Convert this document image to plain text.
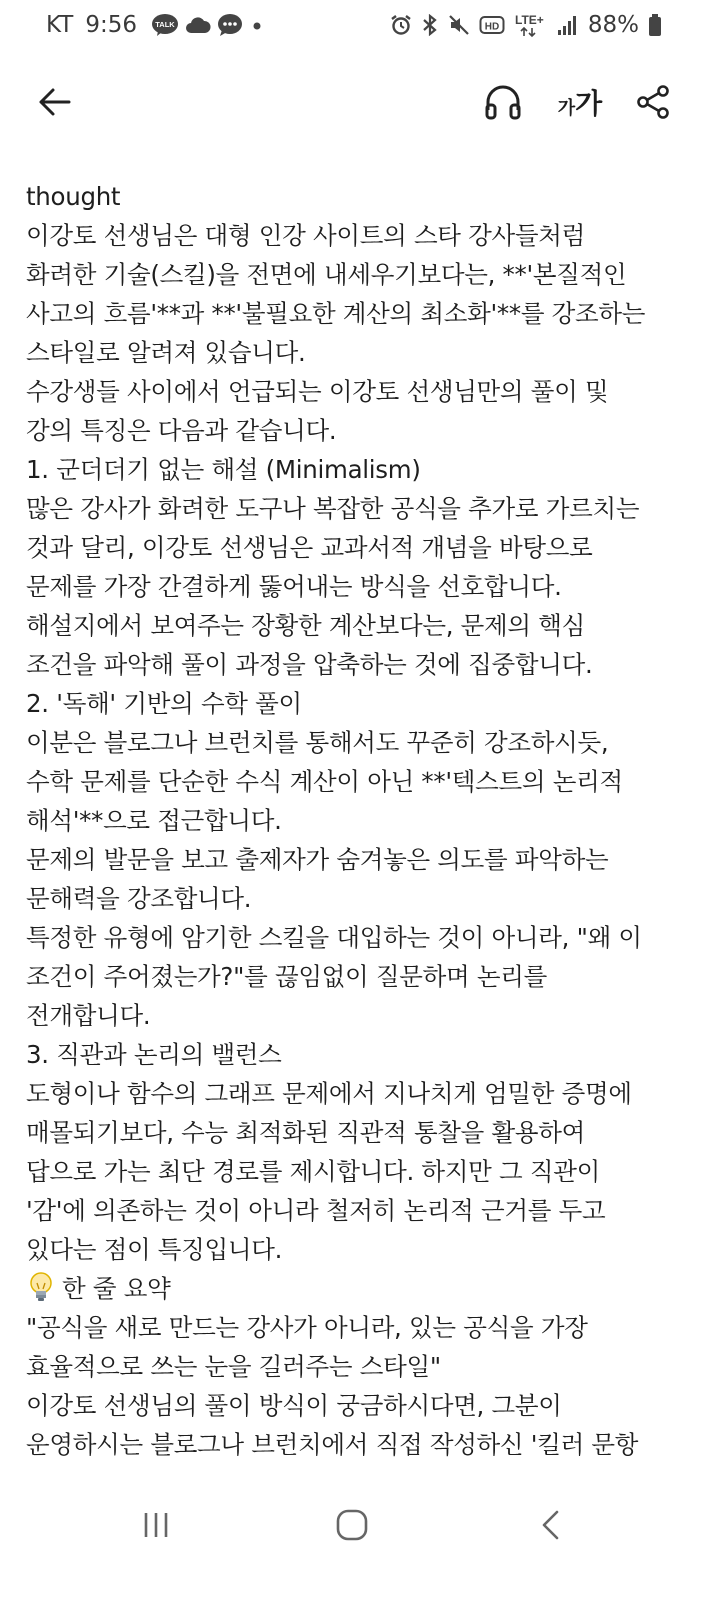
KT 9:56 TALK	HD LTE+ 88%
가 가

thought

이강토 선생님은 대형 인강 사이트의 스타 강사들처럼

화려한 기술(스킬)을 전면에 내세우기보다는, **'본질적인

사고의 흐름'**과 **'불필요한 계산의 최소화'**를 강조하는

스타일로 알려져 있습니다.

수강생들 사이에서 언급되는 이강토 선생님만의 풀이 및

강의 특징은 다음과 같습니다.

1. 군더더기 없는 해설 (Minimalism)

많은 강사가 화려한 도구나 복잡한 공식을 추가로 가르치는

것과 달리, 이강토 선생님은 교과서적 개념을 바탕으로

문제를 가장 간결하게 뚫어내는 방식을 선호합니다.

해설지에서 보여주는 장황한 계산보다는, 문제의 핵심

조건을 파악해 풀이 과정을 압축하는 것에 집중합니다.

2. '독해' 기반의 수학 풀이

이분은 블로그나 브런치를 통해서도 꾸준히 강조하시듯,

수학 문제를 단순한 수식 계산이 아닌 **'텍스트의 논리적

해석'**으로 접근합니다.

문제의 발문을 보고 출제자가 숨겨놓은 의도를 파악하는

문해력을 강조합니다.

특정한 유형에 암기한 스킬을 대입하는 것이 아니라, "왜 이

조건이 주어졌는가?"를 끊임없이 질문하며 논리를

전개합니다.

3. 직관과 논리의 밸런스

도형이나 함수의 그래프 문제에서 지나치게 엄밀한 증명에

매몰되기보다, 수능 최적화된 직관적 통찰을 활용하여

답으로 가는 최단 경로를 제시합니다. 하지만 그 직관이

'감'에 의존하는 것이 아니라 철저히 논리적 근거를 두고

있다는 점이 특징입니다.

한 줄 요약

"공식을 새로 만드는 강사가 아니라, 있는 공식을 가장

효율적으로 쓰는 눈을 길러주는 스타일"

이강토 선생님의 풀이 방식이 궁금하시다면, 그분이

운영하시는 블로그나 브런치에서 직접 작성하신 '킬러 문항
